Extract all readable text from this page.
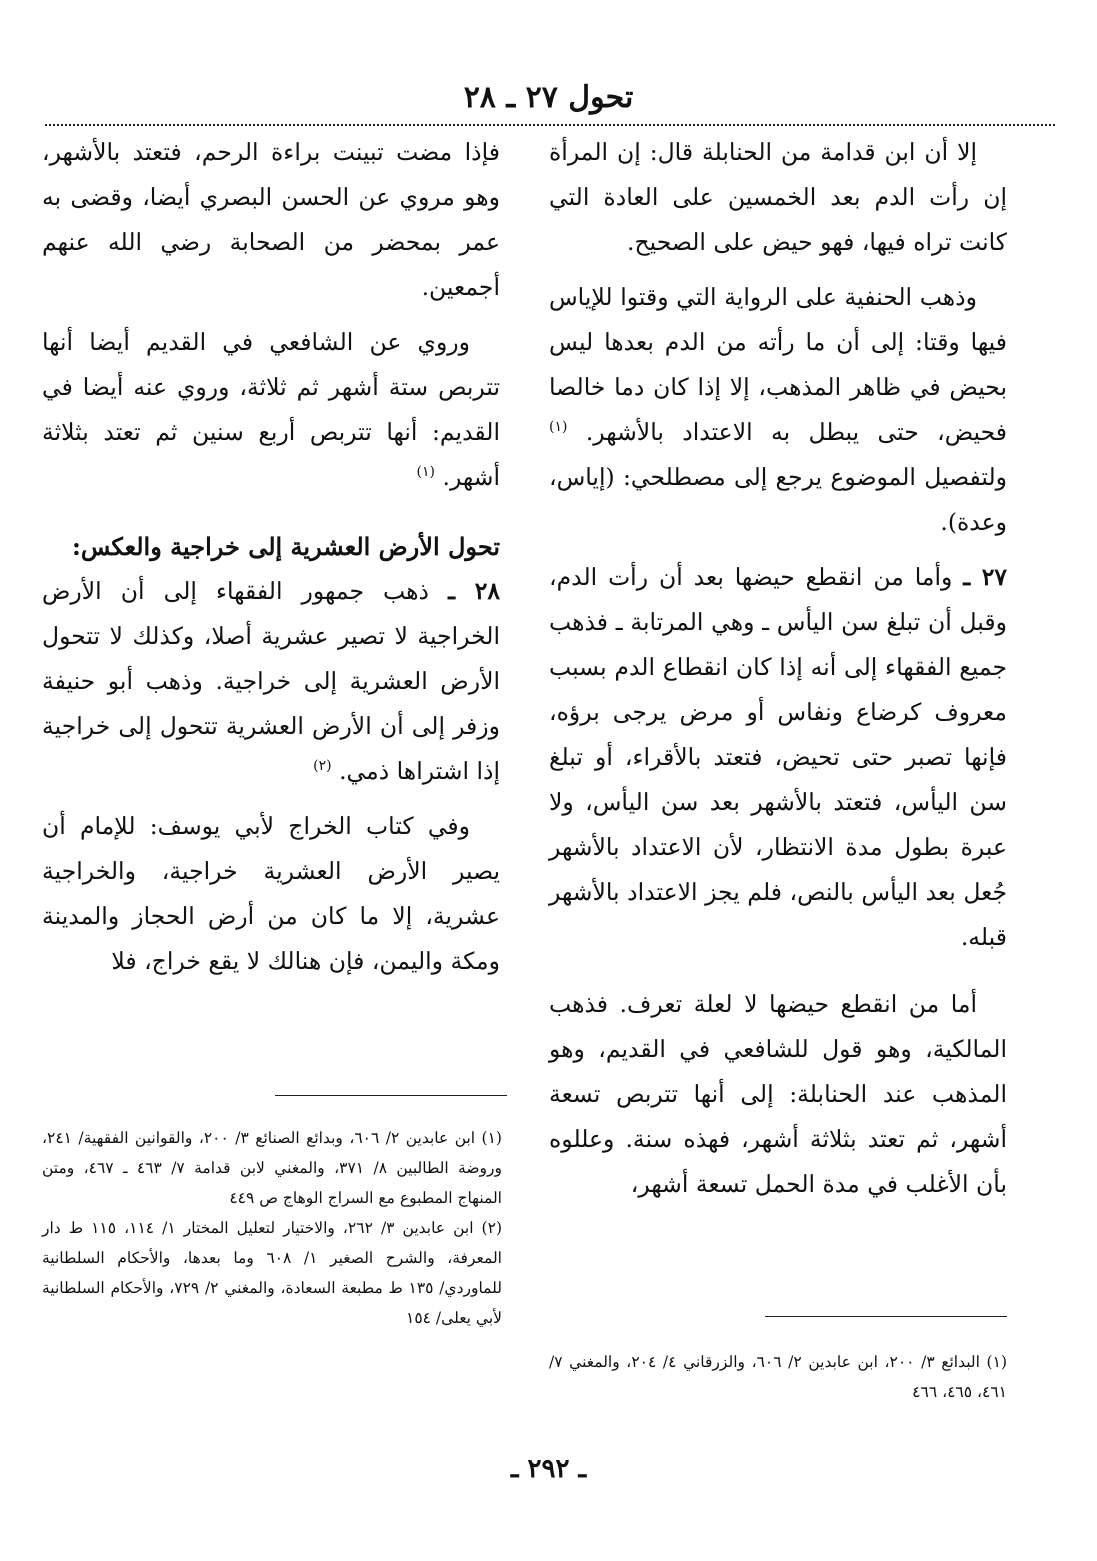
تحول ٢٧ ـ ٢٨

إلا أن ابن قدامة من الحنابلة قال: إن المرأة إن رأت الدم بعد الخمسين على العادة التي كانت تراه فيها، فهو حيض على الصحيح.

وذهب الحنفية على الرواية التي وقتوا للإياس فيها وقتا: إلى أن ما رأته من الدم بعدها ليس بحيض في ظاهر المذهب، إلا إذا كان دما خالصا فحيض، حتى يبطل به الاعتداد بالأشهر. $^{(١)}$ ولتفصيل الموضوع يرجع إلى مصطلحي: (إياس، وعدة).

٢٧ ـ وأما من انقطع حيضها بعد أن رأت الدم، وقبل أن تبلغ سن اليأس ـ وهي المرتابة ـ فذهب جميع الفقهاء إلى أنه إذا كان انقطاع الدم بسبب معروف كرضاع ونفاس أو مرض يرجى برؤه، فإنها تصبر حتى تحيض، فتعتد بالأقراء، أو تبلغ سن اليأس، فتعتد بالأشهر بعد سن اليأس، ولا عبرة بطول مدة الانتظار، لأن الاعتداد بالأشهر جُعل بعد اليأس بالنص، فلم يجز الاعتداد بالأشهر قبله.

أما من انقطع حيضها لا لعلة تعرف. فذهب المالكية، وهو قول للشافعي في القديم، وهو المذهب عند الحنابلة: إلى أنها تتربص تسعة أشهر، ثم تعتد بثلاثة أشهر، فهذه سنة. وعللوه بأن الأغلب في مدة الحمل تسعة أشهر،

فإذا مضت تبينت براءة الرحم، فتعتد بالأشهر، وهو مروي عن الحسن البصري أيضا، وقضى به عمر بمحضر من الصحابة رضي الله عنهم أجمعين.

وروي عن الشافعي في القديم أيضا أنها تتربص ستة أشهر ثم ثلاثة، وروي عنه أيضا في القديم: أنها تتربص أربع سنين ثم تعتد بثلاثة أشهر. $^{(١)}$

تحول الأرض العشرية إلى خراجية والعكس:

٢٨ ـ ذهب جمهور الفقهاء إلى أن الأرض الخراجية لا تصير عشرية أصلا، وكذلك لا تتحول الأرض العشرية إلى خراجية. وذهب أبو حنيفة وزفر إلى أن الأرض العشرية تتحول إلى خراجية إذا اشتراها ذمي. $^{(٢)}$

وفي كتاب الخراج لأبي يوسف: للإمام أن يصير الأرض العشرية خراجية، والخراجية عشرية، إلا ما كان من أرض الحجاز والمدينة ومكة واليمن، فإن هنالك لا يقع خراج، فلا

(١) البدائع ٣/ ٢٠٠، ابن عابدين ٢/ ٦٠٦، والزرقاني ٤/ ٢٠٤، والمغني ٧/ ٤٦١، ٤٦٥، ٤٦٦

(١) ابن عابدين ٢/ ٦٠٦، وبدائع الصنائع ٣/ ٢٠٠، والقوانين الفقهية/ ٢٤١، وروضة الطالبين ٨/ ٣٧١، والمغني لابن قدامة ٧/ ٤٦٣ ـ ٤٦٧، ومتن المنهاج المطبوع مع السراج الوهاج ص ٤٤٩

(٢) ابن عابدين ٣/ ٢٦٢، والاختيار لتعليل المختار ١/ ١١٤، ١١٥ ط دار المعرفة، والشرح الصغير ١/ ٦٠٨ وما بعدها، والأحكام السلطانية للماوردي/ ١٣٥ ط مطبعة السعادة، والمغني ٢/ ٧٢٩، والأحكام السلطانية لأبي يعلى/ ١٥٤

ـ ٢٩٢ ـ
